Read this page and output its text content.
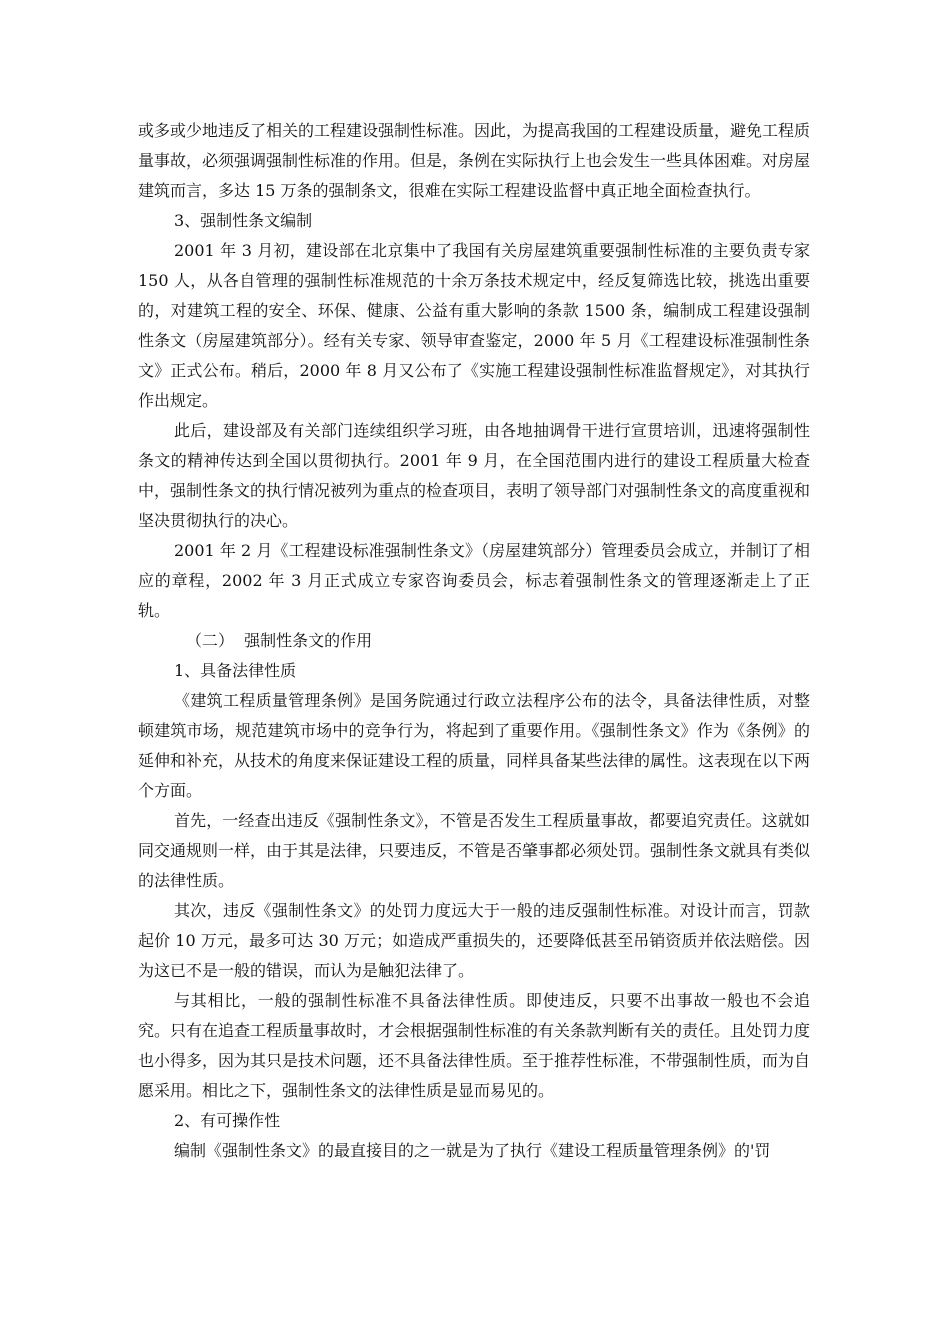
或多或少地违反了相关的工程建设强制性标准。因此，为提高我国的工程建设质量，避免工程质量事故，必须强调强制性标准的作用。但是，条例在实际执行上也会发生一些具体困难。对房屋建筑而言，多达 15 万条的强制条文，很难在实际工程建设监督中真正地全面检查执行。

3、强制性条文编制

2001 年 3 月初，建设部在北京集中了我国有关房屋建筑重要强制性标准的主要负责专家 150 人，从各自管理的强制性标准规范的十余万条技术规定中，经反复筛选比较，挑选出重要的，对建筑工程的安全、环保、健康、公益有重大影响的条款 1500 条，编制成工程建设强制性条文（房屋建筑部分）。经有关专家、领导审查鉴定，2000 年 5 月《工程建设标准强制性条文》正式公布。稍后，2000 年 8 月又公布了《实施工程建设强制性标准监督规定》，对其执行作出规定。

此后，建设部及有关部门连续组织学习班，由各地抽调骨干进行宣贯培训，迅速将强制性条文的精神传达到全国以贯彻执行。2001 年 9 月，在全国范围内进行的建设工程质量大检查中，强制性条文的执行情况被列为重点的检查项目，表明了领导部门对强制性条文的高度重视和坚决贯彻执行的决心。

2001 年 2 月《工程建设标准强制性条文》（房屋建筑部分）管理委员会成立，并制订了相应的章程，2002 年 3 月正式成立专家咨询委员会，标志着强制性条文的管理逐渐走上了正轨。

（二）  强制性条文的作用

1、具备法律性质

《建筑工程质量管理条例》是国务院通过行政立法程序公布的法令，具备法律性质，对整顿建筑市场，规范建筑市场中的竞争行为，将起到了重要作用。《强制性条文》作为《条例》的延伸和补充，从技术的角度来保证建设工程的质量，同样具备某些法律的属性。这表现在以下两个方面。

首先，一经查出违反《强制性条文》，不管是否发生工程质量事故，都要追究责任。这就如同交通规则一样，由于其是法律，只要违反，不管是否肇事都必须处罚。强制性条文就具有类似的法律性质。

其次，违反《强制性条文》的处罚力度远大于一般的违反强制性标准。对设计而言，罚款起价 10 万元，最多可达 30 万元；如造成严重损失的，还要降低甚至吊销资质并依法赔偿。因为这已不是一般的错误，而认为是触犯法律了。

与其相比，一般的强制性标准不具备法律性质。即使违反，只要不出事故一般也不会追究。只有在追查工程质量事故时，才会根据强制性标准的有关条款判断有关的责任。且处罚力度也小得多，因为其只是技术问题，还不具备法律性质。至于推荐性标准，不带强制性质，而为自愿采用。相比之下，强制性条文的法律性质是显而易见的。

2、有可操作性

编制《强制性条文》的最直接目的之一就是为了执行《建设工程质量管理条例》的'罚
